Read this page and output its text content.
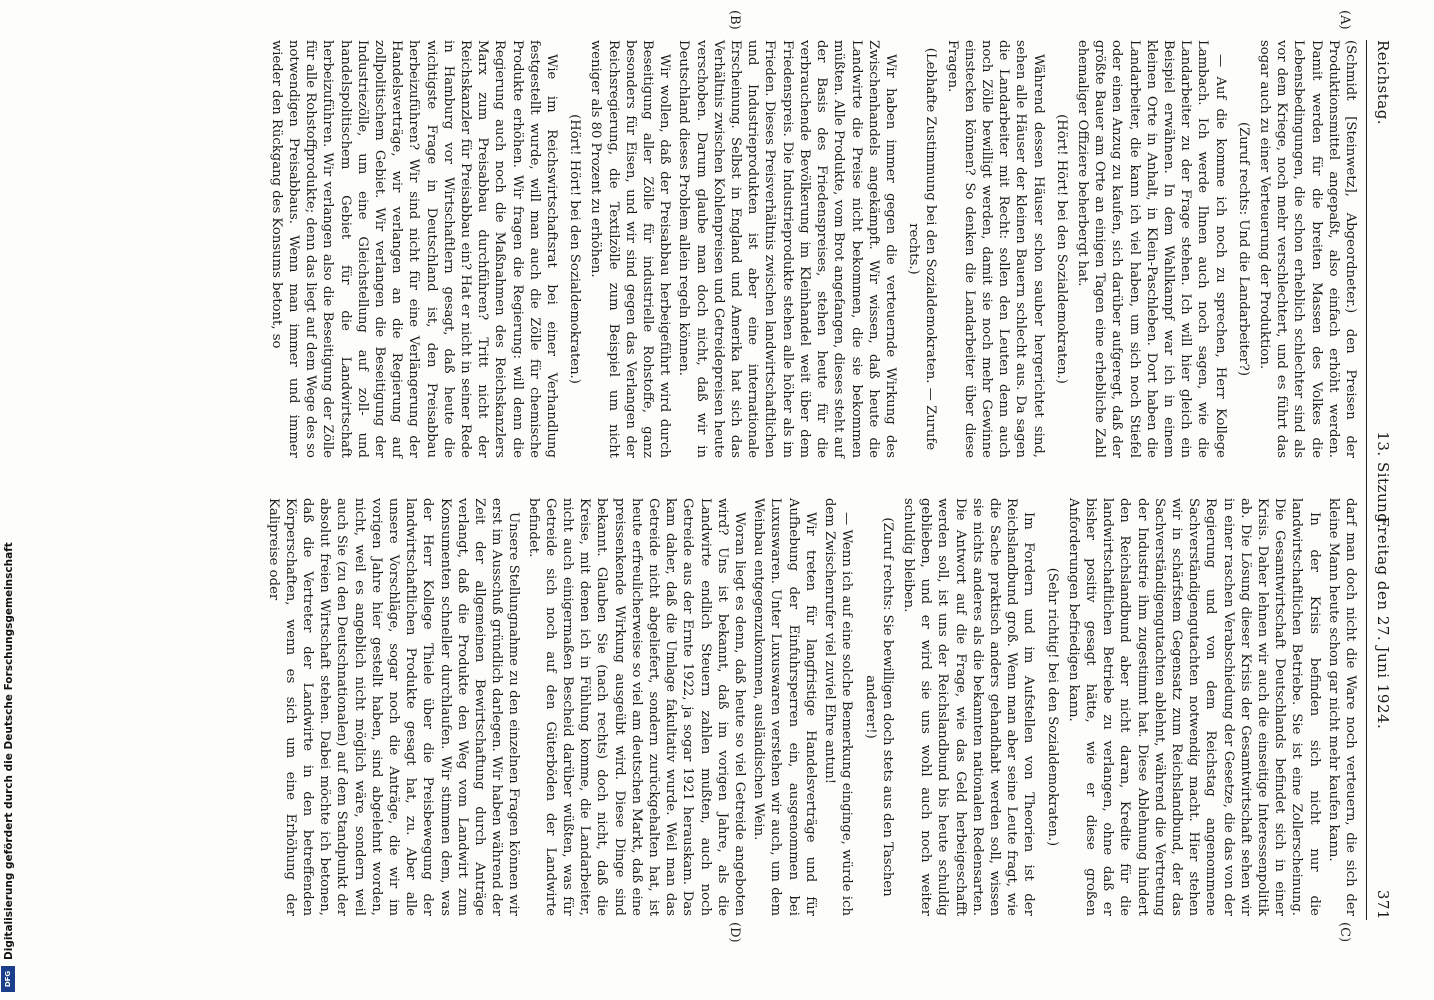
Reichstag.
13. Sitzung.
Freitag den 27. Juni 1924.  371
(A)
(B)
(C)
(D)

(Schmidt [Steinwetz], Abgeordneter.) den Preisen der Produktionsmittel angepaßt, also einfach erhöht werden. Damit werden für die breiten Massen des Volkes die Lebensbedingungen, die schon erheblich schlechter sind als vor dem Kriege, noch mehr verschlechtert, und es führt das sogar auch zu einer Verteuerung der Produktion.

(Zuruf rechts: Und die Landarbeiter?)

— Auf die komme ich noch zu sprechen, Herr Kollege Lambach. Ich werde Ihnen auch noch sagen, wie die Landarbeiter zu der Frage stehen. Ich will hier gleich ein Beispiel erwähnen. In dem Wahlkampf war ich in einem kleinen Orte in Anhalt, in Klein-Paschleben. Dort haben die Landarbeiter, die kann ich viel haben, um sich noch Stiefel oder einen Anzug zu kaufen, sich darüber aufgeregt, daß der größte Bauer am Orte an einigen Tagen eine erhebliche Zahl ehemaliger Offiziere beherbergt hat.

(Hört! Hört! bei den Sozialdemokraten.)

Während dessen Häuser schon sauber hergerichtet sind, sehen alle Häuser der kleinen Bauern schlecht aus. Da sagen die Landarbeiter mit Recht: sollen den Leuten denn auch noch Zölle bewilligt werden, damit sie noch mehr Gewinne einstecken können? So denken die Landarbeiter über diese Fragen.

(Lebhafte Zustimmung bei den Sozialdemokraten. — Zurufe rechts.)

Wir haben immer gegen die verteuernde Wirkung des Zwischenhandels angekämpft. Wir wissen, daß heute die Landwirte die Preise nicht bekommen, die sie bekommen müßten. Alle Produkte, vom Brot angefangen, dieses steht auf der Basis des Friedenspreises, stehen heute für die verbrauchende Bevölkerung im Kleinhandel weit über dem Friedenspreis. Die Industrieprodukte stehen alle höher als im Frieden. Dieses Preisverhältnis zwischen landwirtschaftlichen und Industrieprodukten ist aber eine internationale Erscheinung. Selbst in England und Amerika hat sich das Verhältnis zwischen Kohlenpreisen und Getreidepreisen heute verschoben. Darum glaube man doch nicht, daß wir in Deutschland dieses Problem allein regeln können.

Wir wollen, daß der Preisabbau herbeigeführt wird durch Beseitigung aller Zölle für industrielle Rohstoffe, ganz besonders für Eisen, und wir sind gegen das Verlangen der Reichsregierung, die Textilzölle zum Beispiel um nicht weniger als 80 Prozent zu erhöhen.

(Hört! Hört! bei den Sozialdemokraten.)

Wie im Reichswirtschaftsrat bei einer Verhandlung festgestellt wurde, will man auch die Zölle für chemische Produkte erhöhen. Wir fragen die Regierung: will denn die Regierung auch noch die Maßnahmen des Reichskanzlers Marx zum Preisabbau durchführen? Tritt nicht der Reichskanzler für Preisabbau ein? Hat er nicht in seiner Rede in Hamburg vor Wirtschaftlern gesagt, daß heute die wichtigste Frage in Deutschland ist, den Preisabbau herbeizuführen? Wir sind nicht für eine Verlängerung der Handelsverträge, wir verlangen an die Regierung auf zollpolitischem Gebiet. Wir verlangen die Beseitigung der Industriezölle, um eine Gleichstellung auf zoll- und handelspolitischem Gebiet für die Landwirtschaft herbeizuführen. Wir verlangen also die Beseitigung der Zölle für alle Rohstoffprodukte; denn das liegt auf dem Wege des so notwendigen Preisabbaus. Wenn man immer und immer wieder den Rückgang des Konsums betont, so

darf man doch nicht die Ware noch verteuern, die sich der kleine Mann heute schon gar nicht mehr kaufen kann.

In der Krisis befinden sich nicht nur die landwirtschaftlichen Betriebe. Sie ist eine Zollerscheinung. Die Gesamtwirtschaft Deutschlands befindet sich in einer Krisis. Daher lehnen wir auch die einseitige Interessenpolitik ab. Die Lösung dieser Krisis der Gesamtwirtschaft sehen wir in einer raschen Verabschiedung der Gesetze, die das von der Regierung und von dem Reichstag angenommene Sachverständigengutachten notwendig macht. Hier stehen wir in schärfstem Gegensatz zum Reichslandbund, der das Sachverständigengutachten ablehnt, während die Vertretung der Industrie ihm zugestimmt hat. Diese Ablehnung hindert den Reichslandbund aber nicht daran, Kredite für die landwirtschaftlichen Betriebe zu verlangen, ohne daß er bisher positiv gesagt hätte, wie er diese großen Anforderungen befriedigen kann.

(Sehr richtig! bei den Sozialdemokraten.)

Im Fordern und im Aufstellen von Theorien ist der Reichslandbund groß. Wenn man aber seine Leute fragt, wie die Sache praktisch anders gehandhabt werden soll, wissen sie nichts anderes als die bekannten nationalen Redensarten. Die Antwort auf die Frage, wie das Geld herbeigeschafft werden soll, ist uns der Reichslandbund bis heute schuldig geblieben, und er wird sie uns wohl auch noch weiter schuldig bleiben.

(Zuruf rechts: Sie bewilligen doch stets aus den Taschen anderer!)

— Wenn ich auf eine solche Bemerkung einginge, würde ich dem Zwischenrufer viel zuviel Ehre antun!

Wir treten für langfristige Handelsverträge und für Aufhebung der Einfuhrsperren ein, ausgenommen bei Luxuswaren. Unter Luxuswaren verstehen wir auch, um dem Weinbau entgegenzukommen, ausländischen Wein.

Woran liegt es denn, daß heute so viel Getreide angeboten wird? Uns ist bekannt, daß im vorigen Jahre, als die Landwirte endlich Steuern zahlen mußten, auch noch Getreide aus der Ernte 1922, ja sogar 1921 herauskam. Das kam daher, daß die Umlage fakultativ wurde. Weil man das Getreide nicht abgeliefert, sondern zurückgehalten hat, ist heute erfreulicherweise so viel am deutschen Markt, daß eine preissenkende Wirkung ausgeübt wird. Diese Dinge sind bekannt. Glauben Sie (nach rechts) doch nicht, daß die Kreise, mit denen ich in Fühlung komme, die Landarbeiter, nicht auch einigermaßen Bescheid darüber wüßten, was für Getreide sich noch auf den Güterböden der Landwirte befindet.

Unsere Stellungnahme zu den einzelnen Fragen können wir erst im Ausschuß gründlich darlegen. Wir haben während der Zeit der allgemeinen Bewirtschaftung durch Anträge verlangt, daß die Produkte den Weg vom Landwirt zum Konsumenten schneller durchlaufen. Wir stimmen dem, was der Herr Kollege Thiele über die Preisbewegung der landwirtschaftlichen Produkte gesagt hat, zu. Aber alle unsere Vorschläge, sogar noch die Anträge, die wir im vorigen Jahre hier gestellt haben, sind abgelehnt worden, nicht, weil es angeblich nicht möglich wäre, sondern weil auch Sie (zu den Deutschnationalen) auf dem Standpunkt der absolut freien Wirtschaft stehen. Dabei möchte ich betonen, daß die Vertreter der Landwirte in den betreffenden Körperschaften, wenn es sich um eine Erhöhung der Kalipreise oder

Digitalisierung gefördert durch die Deutsche Forschungsgemeinschaft
DFG
